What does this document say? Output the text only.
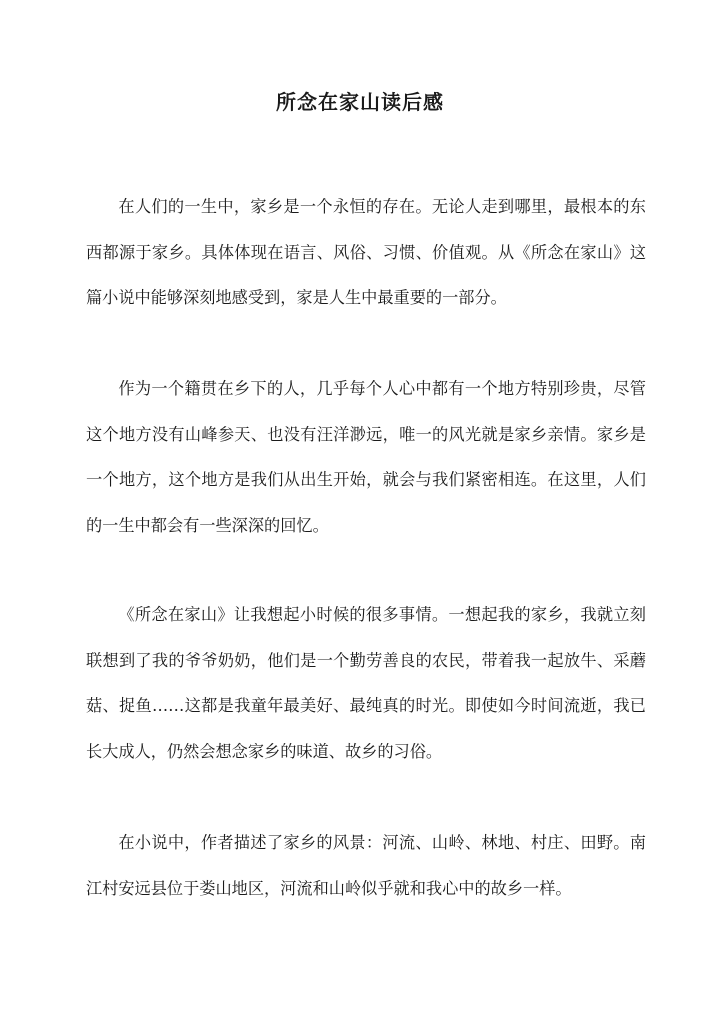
所念在家山读后感

在人们的一生中，家乡是一个永恒的存在。无论人走到哪里，最根本的东西都源于家乡。具体体现在语言、风俗、习惯、价值观。从《所念在家山》这篇小说中能够深刻地感受到，家是人生中最重要的一部分。

作为一个籍贯在乡下的人，几乎每个人心中都有一个地方特别珍贵，尽管这个地方没有山峰参天、也没有汪洋渺远，唯一的风光就是家乡亲情。家乡是一个地方，这个地方是我们从出生开始，就会与我们紧密相连。在这里，人们的一生中都会有一些深深的回忆。

《所念在家山》让我想起小时候的很多事情。一想起我的家乡，我就立刻联想到了我的爷爷奶奶，他们是一个勤劳善良的农民，带着我一起放牛、采蘑菇、捉鱼……这都是我童年最美好、最纯真的时光。即使如今时间流逝，我已长大成人，仍然会想念家乡的味道、故乡的习俗。

在小说中，作者描述了家乡的风景：河流、山岭、林地、村庄、田野。南江村安远县位于娄山地区，河流和山岭似乎就和我心中的故乡一样。
